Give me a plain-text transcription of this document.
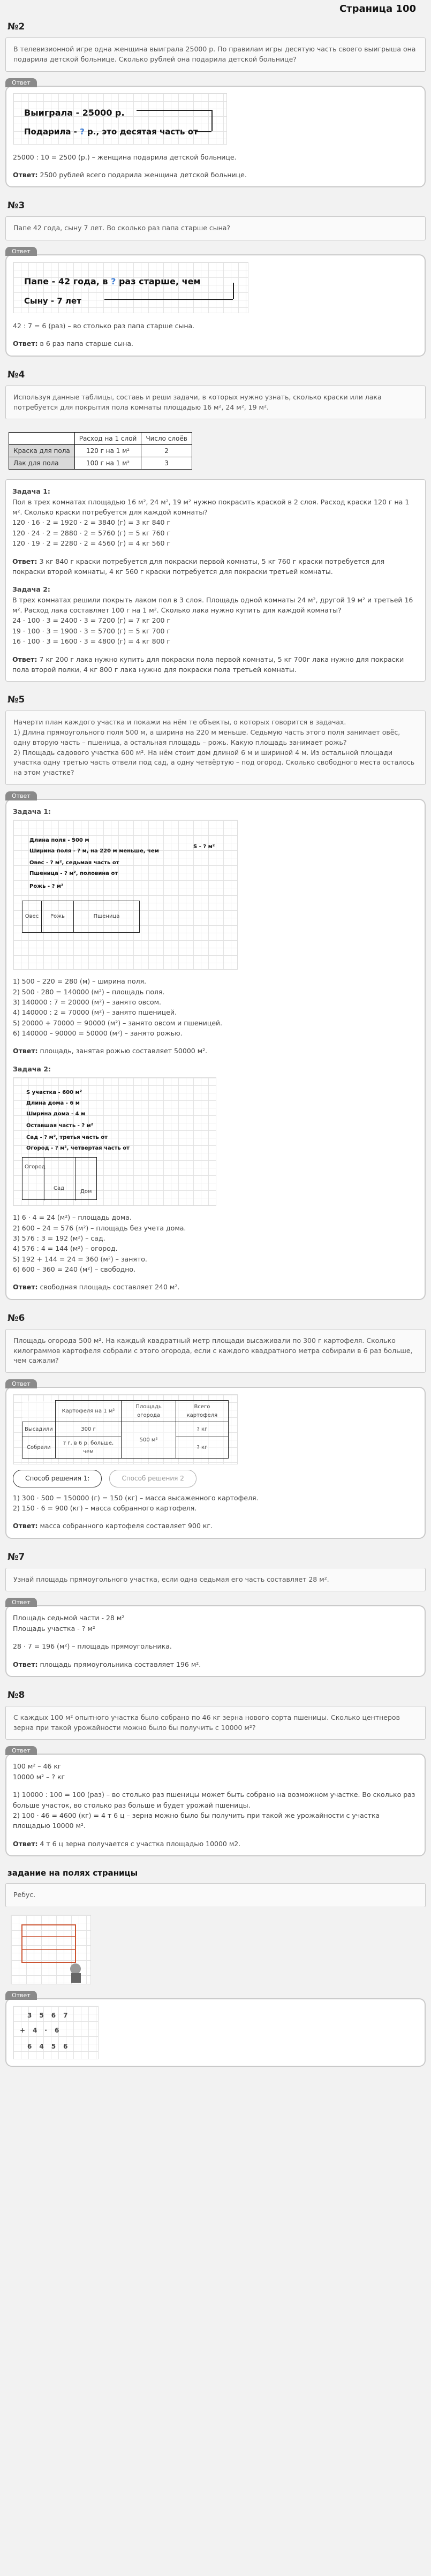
Страница 100
№2
В телевизионной игре одна женщина выиграла 25000 р. По правилам игры десятую часть своего выигрыша она подарила детской больнице. Сколько рублей она подарила детской больнице?
Ответ
Выиграла - 25000 р.
Подарила - ? р., это десятая часть от
25000 : 10 = 2500 (р.) – женщина подарила детской больнице.
Ответ: 2500 рублей всего подарила женщина детской больнице.
№3
Папе 42 года, сыну 7 лет. Во сколько раз папа старше сына?
Ответ
Папе - 42 года, в ? раз старше, чем
Сыну - 7 лет
42 : 7 = 6 (раз) – во столько раз папа старше сына.
Ответ: в 6 раз папа старше сына.
№4
Используя данные таблицы, составь и реши задачи, в которых нужно узнать, сколько краски или лака потребуется для покрытия пола комнаты площадью 16 м², 24 м², 19 м².
	Расход на 1 слой	Число слоёв
Краска для пола	120 г на 1 м²	2
Лак для пола	100 г на 1 м²	3
Задача 1:
Пол в трех комнатах площадью 16 м², 24 м², 19 м² нужно покрасить краской в 2 слоя. Расход краски 120 г на 1 м². Сколько краски потребуется для каждой комнаты?
120 · 16 · 2 = 1920 · 2 = 3840 (г) = 3 кг 840 г
120 · 24 · 2 = 2880 · 2 = 5760 (г) = 5 кг 760 г
120 · 19 · 2 = 2280 · 2 = 4560 (г) = 4 кг 560 г
Ответ: 3 кг 840 г краски потребуется для покраски первой комнаты, 5 кг 760 г краски потребуется для покраски второй комнаты, 4 кг 560 г краски потребуется для покраски третьей комнаты.
Задача 2:
В трех комнатах решили покрыть лаком пол в 3 слоя. Площадь одной комнаты 24 м², другой 19 м² и третьей 16 м². Расход лака составляет 100 г на 1 м². Сколько лака нужно купить для каждой комнаты?
24 · 100 · 3 = 2400 · 3 = 7200 (г) = 7 кг 200 г
19 · 100 · 3 = 1900 · 3 = 5700 (г) = 5 кг 700 г
16 · 100 · 3 = 1600 · 3 = 4800 (г) = 4 кг 800 г
Ответ: 7 кг 200 г лака нужно купить для покраски пола первой комнаты, 5 кг 700г лака нужно для покраски пола второй полки, 4 кг 800 г лака нужно для покраски пола третьей комнаты.
№5
Начерти план каждого участка и покажи на нём те объекты, о которых говорится в задачах.
1) Длина прямоугольного поля 500 м, а ширина на 220 м меньше. Седьмую часть этого поля занимает овёс, одну вторую часть – пшеница, а остальная площадь – рожь. Какую площадь занимает рожь?
2) Площадь садового участка 600 м². На нём стоит дом длиной 6 м и шириной 4 м. Из остальной площади участка одну третью часть отвели под сад, а одну четвёртую – под огород. Сколько свободного места осталось на этом участке?
Ответ
Задача 1:
Длина поля - 500 м
Ширина поля - ? м, на 220 м меньше, чем
Овес - ? м², седьмая часть от
Пшеница - ? м², половина от
Рожь - ? м²
S - ? м²
Овес	Рожь	Пшеница
1) 500 – 220 = 280 (м) – ширина поля.
2) 500 · 280 = 140000 (м²) – площадь поля.
3) 140000 : 7 = 20000 (м²) – занято овсом.
4) 140000 : 2 = 70000 (м²) – занято пшеницей.
5) 20000 + 70000 = 90000 (м²) – занято овсом и пшеницей.
6) 140000 – 90000 = 50000 (м²) – занято рожью.
Ответ: площадь, занятая рожью составляет 50000 м².
Задача 2:
S участка - 600 м²
Длина дома - 6 м
Ширина дома - 4 м
Оставшая часть - ? м²
Сад - ? м², третья часть от
Огород - ? м², четвертая часть от
Огород
Сад
Дом
1) 6 · 4 = 24 (м²) – площадь дома.
2) 600 – 24 = 576 (м²) – площадь без учета дома.
3) 576 : 3 = 192 (м²) – сад.
4) 576 : 4 = 144 (м²) – огород.
5) 192 + 144 = 24 = 360 (м²) – занято.
6) 600 – 360 = 240 (м²) – свободно.
Ответ: свободная площадь составляет 240 м².
№6
Площадь огорода 500 м². На каждый квадратный метр площади высаживали по 300 г картофеля. Сколько килограммов картофеля собрали с этого огорода, если с каждого квадратного метра собирали в 6 раз больше, чем сажали?
Ответ
	Картофеля на 1 м²	Площадь огорода	Всего картофеля
Высадили	300 г	500 м²	? кг
Собрали	? г, в 6 р. больше, чем		? кг
Способ решения 1:	Способ решения 2
1) 300 · 500 = 150000 (г) = 150 (кг) – масса высаженного картофеля.
2) 150 · 6 = 900 (кг) – масса собранного картофеля.
Ответ: масса собранного картофеля составляет 900 кг.
№7
Узнай площадь прямоугольного участка, если одна седьмая его часть составляет 28 м².
Ответ
Площадь седьмой части - 28 м²
Площадь участка - ? м²
28 · 7 = 196 (м²) – площадь прямоугольника.
Ответ: площадь прямоугольника составляет 196 м².
№8
С каждых 100 м² опытного участка было собрано по 46 кг зерна нового сорта пшеницы. Сколько центнеров зерна при такой урожайности можно было бы получить с 10000 м²?
Ответ
100 м² – 46 кг
10000 м² – ? кг
1) 10000 : 100 = 100 (раз) – во столько раз пшеницы может быть собрано на возможном участке. Во сколько раз больше участок, во столько раз больше и будет урожай пшеницы.
2) 100 · 46 = 4600 (кг) = 4 т 6 ц – зерна можно было бы получить при такой же урожайности с участка площадью 10000 м².
Ответ: 4 т 6 ц зерна получается с участка площадью 10000 м2.
задание на полях страницы
Ребус.
Ответ
3 5 6 7
+ 4 · 6
6 4 5 6
